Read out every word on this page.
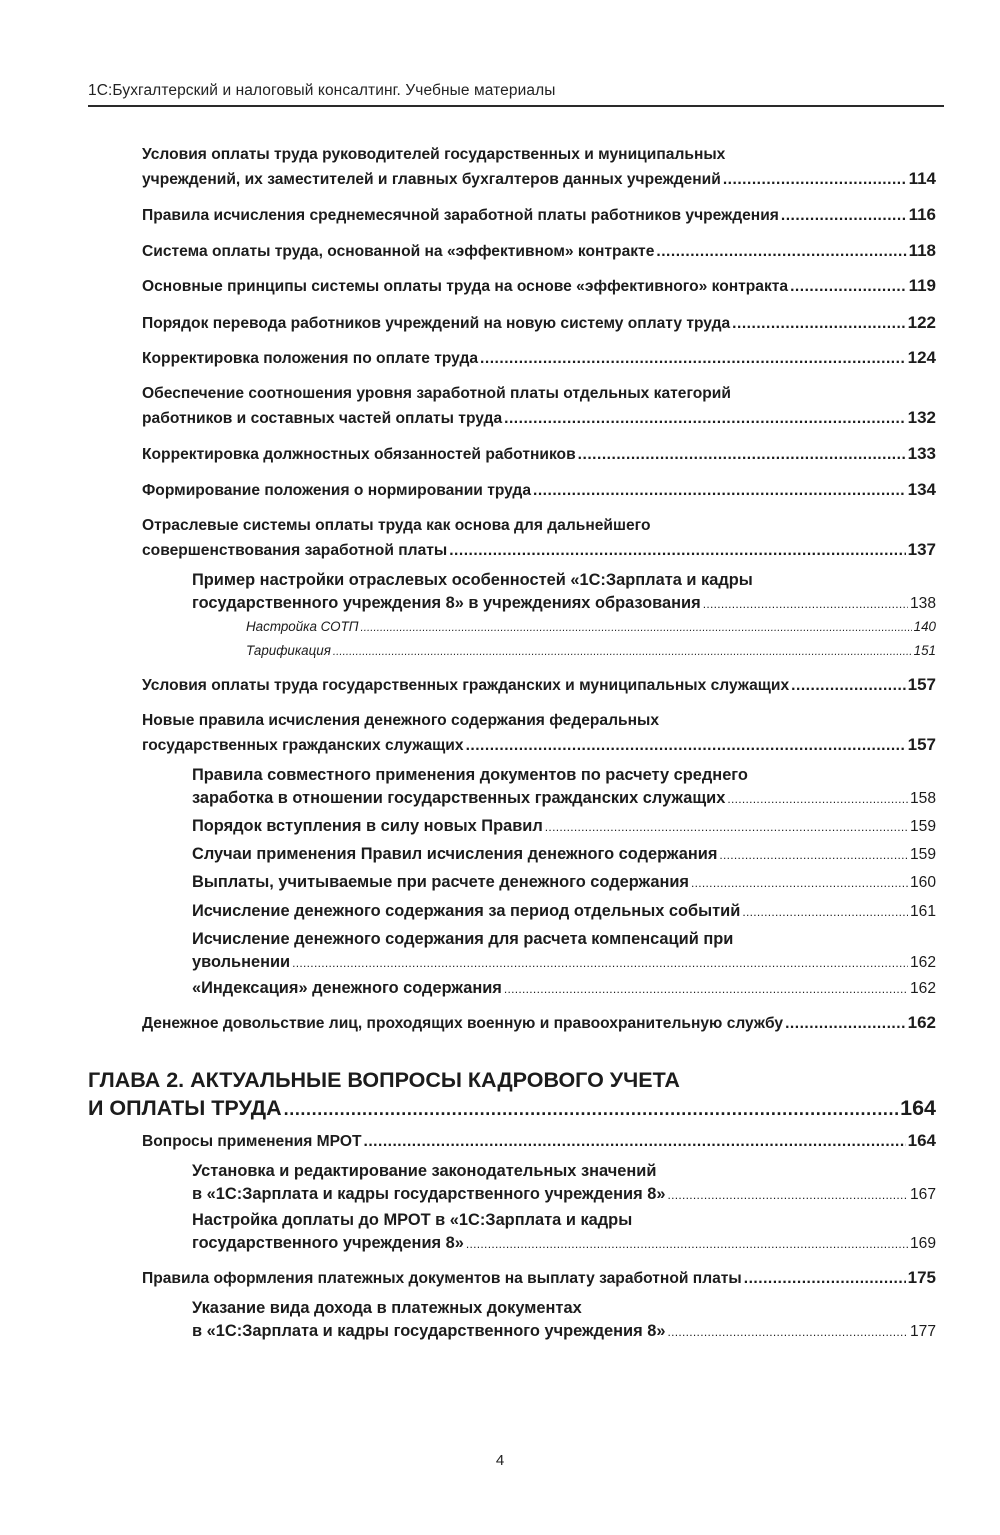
1С:Бухгалтерский и налоговый консалтинг. Учебные материалы
Условия оплаты труда руководителей государственных и муниципальных
учреждений, их заместителей и главных бухгалтеров данных учреждений .....	114
Правила исчисления среднемесячной заработной платы работников учреждения .....	116
Система оплаты труда, основанной на «эффективном» контракте .....	118
Основные принципы системы оплаты труда на основе «эффективного» контракта .....	119
Порядок перевода работников учреждений на новую систему оплату труда .....	122
Корректировка положения по оплате труда .....	124
Обеспечение соотношения уровня заработной платы отдельных категорий
работников и составных частей оплаты труда .....	132
Корректировка должностных обязанностей работников .....	133
Формирование положения о нормировании труда .....	134
Отраслевые системы оплаты труда как основа для дальнейшего
совершенствования заработной платы .....	137
Пример настройки отраслевых особенностей «1С:Зарплата и кадры
государственного учреждения 8» в учреждениях образования .....	138
Настройка СОТП .....	140
Тарификация .....	151
Условия оплаты труда государственных гражданских и муниципальных служащих .....	157
Новые правила исчисления денежного содержания федеральных
государственных гражданских служащих .....	157
Правила совместного применения документов по расчету среднего
заработка в отношении государственных гражданских служащих .....	158
Порядок вступления в силу новых Правил .....	159
Случаи применения Правил исчисления денежного содержания .....	159
Выплаты, учитываемые при расчете денежного содержания .....	160
Исчисление денежного содержания за период отдельных событий .....	161
Исчисление денежного содержания для расчета компенсаций при
увольнении .....	162
«Индексация» денежного содержания .....	162
Денежное довольствие лиц, проходящих военную и правоохранительную службу .....	162
ГЛАВА 2. АКТУАЛЬНЫЕ ВОПРОСЫ КАДРОВОГО УЧЕТА
И ОПЛАТЫ ТРУДА .....	164
Вопросы применения МРОТ .....	164
Установка и редактирование законодательных значений
в «1С:Зарплата и кадры государственного учреждения 8» .....	167
Настройка доплаты до МРОТ в «1С:Зарплата и кадры
государственного учреждения 8» .....	169
Правила оформления платежных документов на выплату заработной платы .....	175
Указание вида дохода в платежных документах
в «1С:Зарплата и кадры государственного учреждения 8» .....	177
4
